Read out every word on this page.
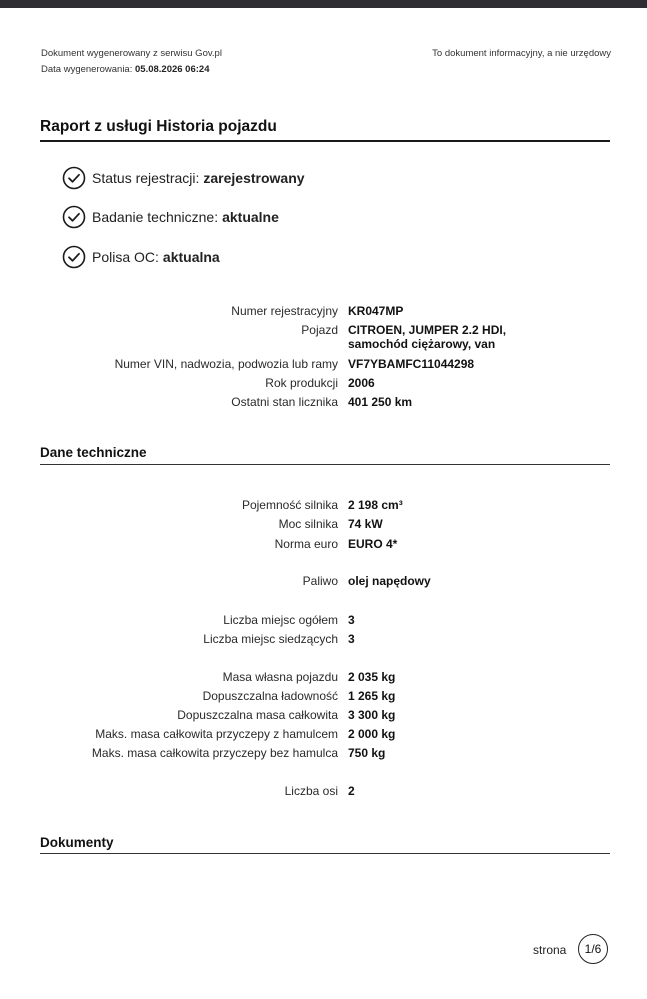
Dokument wygenerowany z serwisu Gov.pl
Data wygenerowania: 05.08.2026 06:24
To dokument informacyjny, a nie urzędowy
Raport z usługi Historia pojazdu
Status rejestracji: zarejestrowany
Badanie techniczne: aktualne
Polisa OC: aktualna
Numer rejestracyjny KR047MP
Pojazd CITROEN, JUMPER 2.2 HDI, samochód ciężarowy, van
Numer VIN, nadwozia, podwozia lub ramy VF7YBAMFC11044298
Rok produkcji 2006
Ostatni stan licznika 401 250 km
Dane techniczne
Pojemność silnika 2 198 cm³
Moc silnika 74 kW
Norma euro EURO 4*
Paliwo olej napędowy
Liczba miejsc ogółem 3
Liczba miejsc siedzących 3
Masa własna pojazdu 2 035 kg
Dopuszczalna ładowność 1 265 kg
Dopuszczalna masa całkowita 3 300 kg
Maks. masa całkowita przyczepy z hamulcem 2 000 kg
Maks. masa całkowita przyczepy bez hamulca 750 kg
Liczba osi 2
Dokumenty
strona	1/6
